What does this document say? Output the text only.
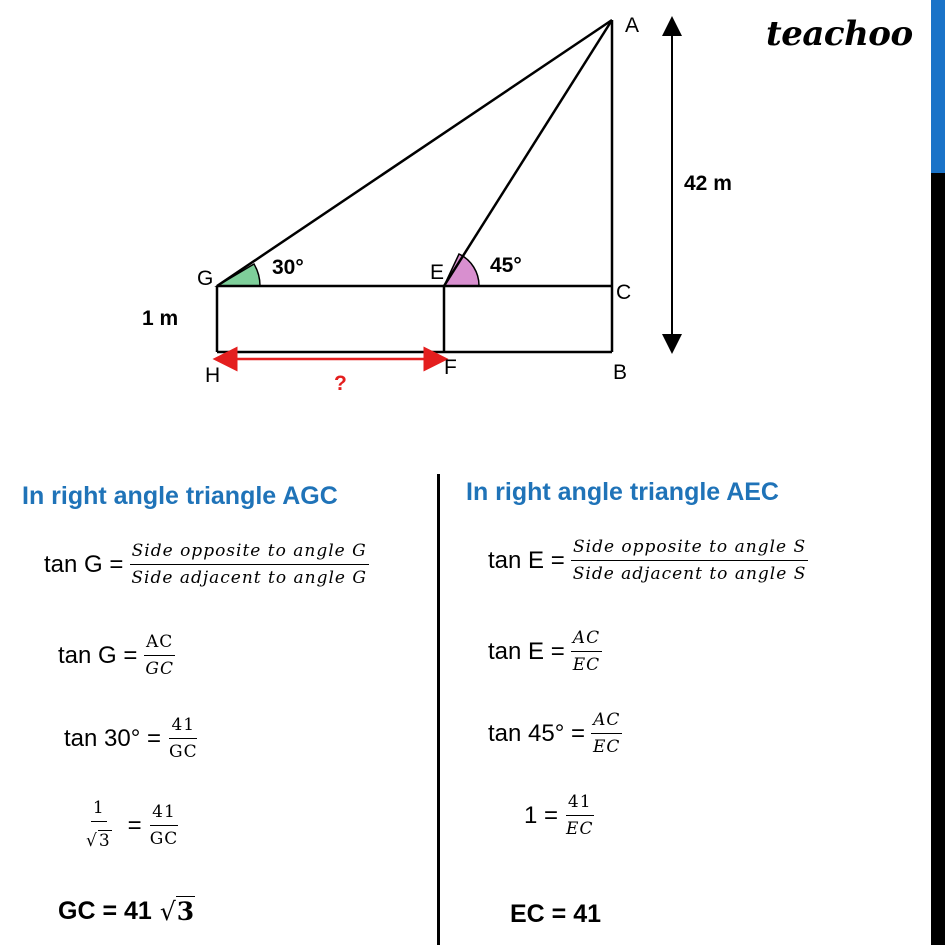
teachoo
A
G	E
C
H	F	B
30°	45°
42 m
1 m
?
In right angle triangle AGC
$\tan G = \frac{\text{Side opposite to angle G}}{\text{Side adjacent to angle G}}$
$\tan G = \frac{AC}{GC}$
$\tan 30^\circ = \frac{41}{GC}$
$\frac{1}{√ 3} = \frac{41}{GC}$
GC = 41 √ 3
In right angle triangle AEC
$\tan E = \frac{\text{Side opposite to angle S}}{\text{Side adjacent to angle S}}$
$\tan E = \frac{AC}{EC}$
$\tan 45^\circ = \frac{AC}{EC}$
$1 = \frac{41}{EC}$
EC = 41
